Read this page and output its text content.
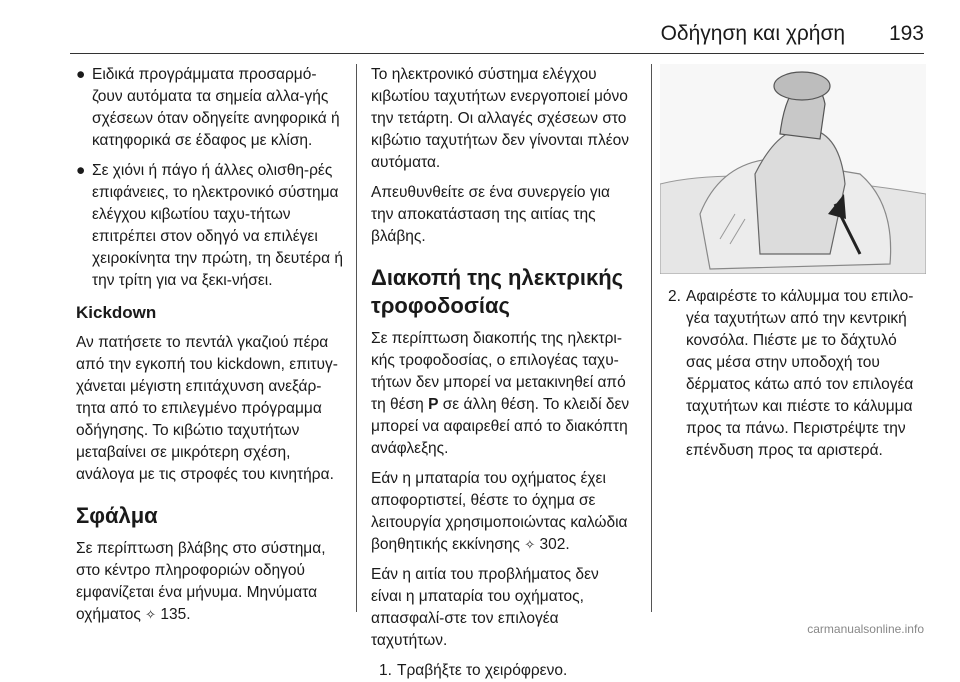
Οδήγηση και χρήση 193
● Ειδικά προγράμματα προσαρμό-ζουν αυτόματα τα σημεία αλλα-γής σχέσεων όταν οδηγείτε ανηφορικά ή κατηφορικά σε έδαφος με κλίση.
● Σε χιόνι ή πάγο ή άλλες ολισθη-ρές επιφάνειες, το ηλεκτρονικό σύστημα ελέγχου κιβωτίου ταχυ-τήτων επιτρέπει στον οδηγό να επιλέγει χειροκίνητα την πρώτη, τη δευτέρα ή την τρίτη για να ξεκι-νήσει.
Kickdown

Αν πατήσετε το πεντάλ γκαζιού πέρα από την εγκοπή του kickdown, επιτυγ-χάνεται μέγιστη επιτάχυνση ανεξάρ-τητα από το επιλεγμένο πρόγραμμα οδήγησης. Το κιβώτιο ταχυτήτων μεταβαίνει σε μικρότερη σχέση, ανάλογα με τις στροφές του κινητήρα.

Σφάλμα

Σε περίπτωση βλάβης στο σύστημα, στο κέντρο πληροφοριών οδηγού εμφανίζεται ένα μήνυμα. Μηνύματα οχήματος ✧ 135.

Το ηλεκτρονικό σύστημα ελέγχου κιβωτίου ταχυτήτων ενεργοποιεί μόνο την τετάρτη. Οι αλλαγές σχέσεων στο κιβώτιο ταχυτήτων δεν γίνονται πλέον αυτόματα.

Απευθυνθείτε σε ένα συνεργείο για την αποκατάσταση της αιτίας της βλάβης.

Διακοπή της ηλεκτρικής τροφοδοσίας

Σε περίπτωση διακοπής της ηλεκτρι-κής τροφοδοσίας, ο επιλογέας ταχυ-τήτων δεν μπορεί να μετακινηθεί από τη θέση P σε άλλη θέση. Το κλειδί δεν μπορεί να αφαιρεθεί από το διακόπτη ανάφλεξης.

Εάν η μπαταρία του οχήματος έχει αποφορτιστεί, θέστε το όχημα σε λειτουργία χρησιμοποιώντας καλώδια βοηθητικής εκκίνησης ✧ 302.

Εάν η αιτία του προβλήματος δεν είναι η μπαταρία του οχήματος, απασφαλί-στε τον επιλογέα ταχυτήτων.

1. Τραβήξτε το χειρόφρενο.
2. Αφαιρέστε το κάλυμμα του επιλο-γέα ταχυτήτων από την κεντρική κονσόλα. Πιέστε με το δάχτυλό σας μέσα στην υποδοχή του δέρματος κάτω από τον επιλογέα ταχυτήτων και πιέστε το κάλυμμα προς τα πάνω. Περιστρέψτε την επένδυση προς τα αριστερά.
carmanualsonline.info
